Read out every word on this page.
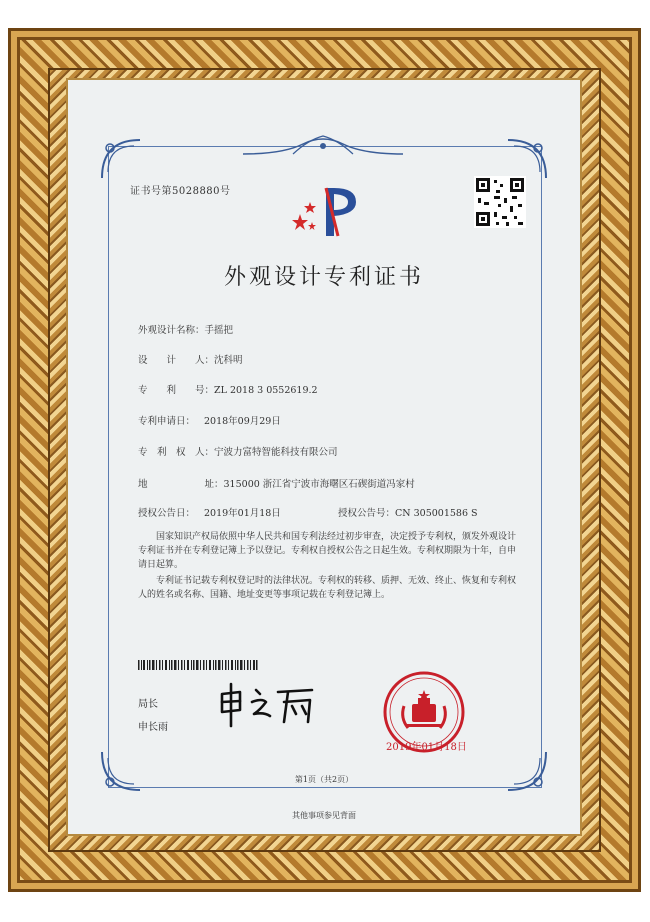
证书号第5028880号
外观设计专利证书
外观设计名称：手摇把
设　　计　　人：沈科明
专　　利　　号：ZL 2018 3 0552619.2
专利申请日： 2018年09月29日
专　利　权　人：宁波力富特智能科技有限公司
地　　　　　　址：315000 浙江省宁波市海曙区石碶街道冯家村
授权公告日： 2019年01月18日	授权公告号：CN 305001586 S
国家知识产权局依照中华人民共和国专利法经过初步审查，决定授予专利权，颁发外观设计专利证书并在专利登记簿上予以登记。专利权自授权公告之日起生效。专利权期限为十年，自申请日起算。
专利证书记载专利权登记时的法律状况。专利权的转移、质押、无效、终止、恢复和专利权人的姓名或名称、国籍、地址变更等事项记载在专利登记簿上。
局长
申长雨
2019年01月18日
第1页（共2页）
其他事项参见背面
